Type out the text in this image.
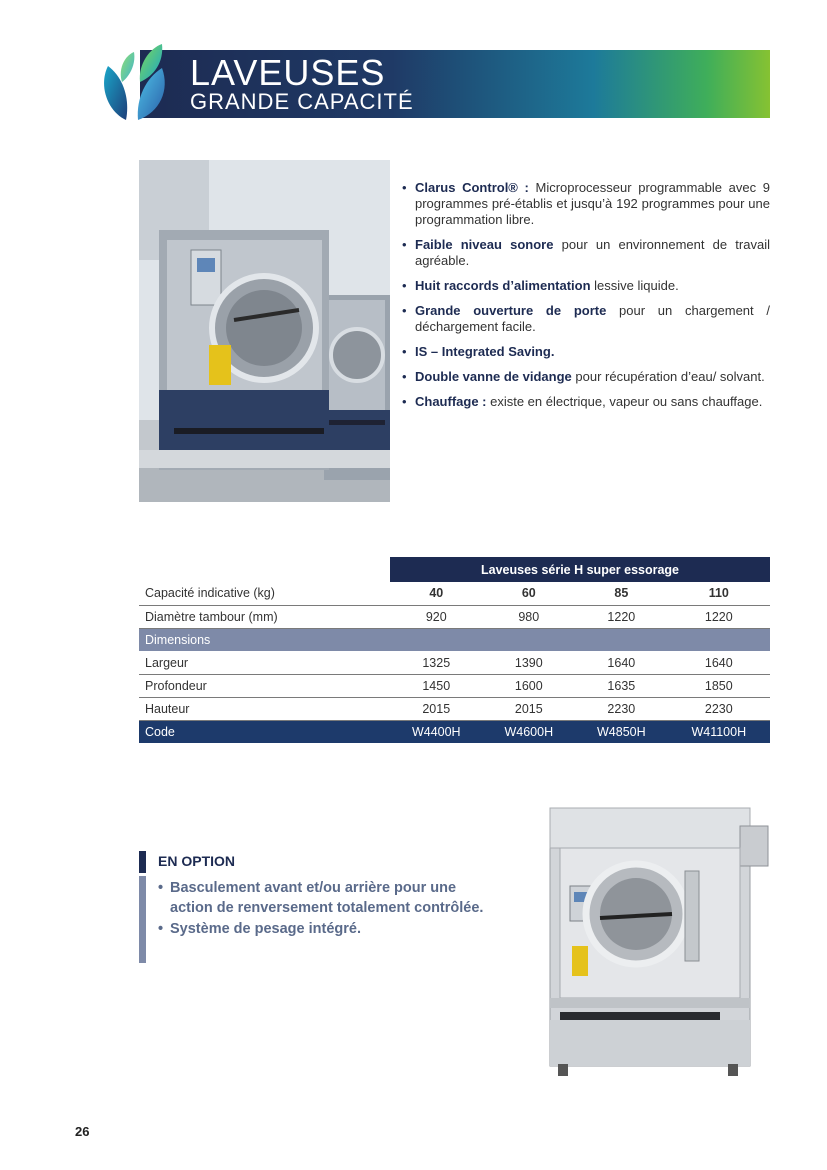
LAVEUSES
GRANDE CAPACITÉ
• Clarus Control® : Microprocesseur programmable avec 9 programmes pré-établis et jusqu’à 192 programmes pour une programmation libre.
• Faible niveau sonore pour un environnement de travail agréable.
• Huit raccords d’alimentation lessive liquide.
• Grande ouverture de porte pour un chargement / déchargement facile.
• IS – Integrated Saving.
• Double vanne de vidange pour récupération d’eau/ solvant.
• Chauffage : existe en électrique, vapeur ou sans chauffage.
	Laveuses série H super essorage			
Capacité indicative (kg)	40	60	85	110
Diamètre tambour (mm)	920	980	1220	1220
Dimensions				
Largeur	1325	1390	1640	1640
Profondeur	1450	1600	1635	1850
Hauteur	2015	2015	2230	2230
Code	W4400H	W4600H	W4850H	W41100H
EN OPTION
• Basculement avant et/ou arrière pour une action de renversement totalement contrôlée.
• Système de pesage intégré.
26
